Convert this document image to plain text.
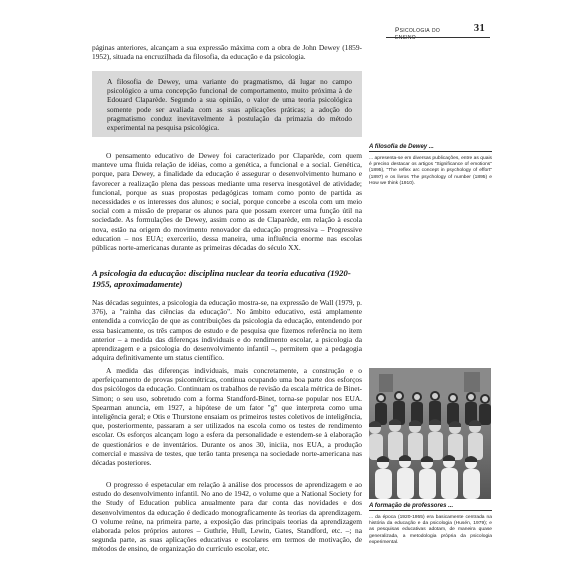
Psicologia do ensino
31

páginas anteriores, alcançam a sua expressão máxima com a obra de John Dewey (1859-1952), situada na encruzilhada da filosofia, da educação e da psicologia.

A filosofia de Dewey, uma variante do pragmatismo, dá lugar no campo psicológico a uma concepção funcional de comportamento, muito próxima à de Edouard Claparède. Segundo a sua opinião, o valor de uma teoria psicológica somente pode ser avaliada com as suas aplicações práticas; a adoção do pragmatismo conduz inevitavelmente à postulação da primazia do método experimental na pesquisa psicológica.

O pensamento educativo de Dewey foi caracterizado por Claparède, com quem manteve uma fluida relação de idéias, como a genética, a funcional e a social. Genética, porque, para Dewey, a finalidade da educação é assegurar o desenvolvimento humano e favorecer a realização plena das pessoas mediante uma reserva inesgotável de atividade; funcional, porque as suas propostas pedagógicas tomam como ponto de partida as necessidades e os interesses dos alunos; e social, porque concebe a escola com um meio social com a missão de preparar os alunos para que possam exercer uma função útil na sociedade. As formulações de Dewey, assim como as de Claparède, em relação à escola nova, estão na origem do movimento renovador da educação progressiva – Progressive education – nos EUA; exerceriio, dessa maneira, uma influência enorme nas escolas públicas norte-americanas durante as primeiras décadas do século XX.

A psicologia da educação: disciplina nuclear da teoria educativa (1920-1955, aproximadamente)

Nas décadas seguintes, a psicologia da educação mostra-se, na expressão de Wall (1979, p. 376), a "rainha das ciências da educação". No âmbito educativo, está amplamente entendida a convicção de que as contribuições da psicologia da educação, entendendo por essa basicamente, os três campos de estudo e de pesquisa que fizemos referência no item anterior – a medida das diferenças individuais e do rendimento escolar, a psicologia da aprendizagem e a psicologia do desenvolvimento infantil –, permitem que a pedagogia adquira definitivamente um status científico.

A medida das diferenças individuais, mais concretamente, a construção e o aperfeiçoamento de provas psicométricas, continua ocupando uma boa parte dos esforços dos psicólogos da educação. Continuam os trabalhos de revisão da escala métrica de Binet-Simon; o seu uso, sobretudo com a forma Standford-Binet, torna-se popular nos EUA. Spearman anuncia, em 1927, a hipótese de um fator "g" que interpreta como uma inteligência geral; e Otis e Thurstone ensaiam os primeiros testes coletivos de inteligência, que, posteriormente, passaram a ser utilizados na escola como os testes de rendimento escolar. Os esforços alcançam logo a esfera da personalidade e estendem-se à elaboração de questionários e de inventários. Durante os anos 30, iniciia, nos EUA, a produção comercial e massiva de testes, que terão tanta presença na sociedade norte-americana nas décadas posteriores.

O progresso é espetacular em relação à análise dos processos de aprendizagem e ao estudo do desenvolvimento infantil. No ano de 1942, o volume que a National Society for the Study of Education publica anualmente para dar conta das novidades e dos desenvolvimentos da educação é dedicado monograficamente às teorias da aprendizagem. O volume reúne, na primeira parte, a exposição das principais teorias da aprendizagem elaborada pelos próprios autores – Guthrie, Hull, Lewin, Gates, Standford, etc. –; na segunda parte, as suas aplicações educativas e escolares em termos de motivação, de métodos de ensino, de organização do currículo escolar, etc.

A filosofia de Dewey ...
... apresenta-se em diversas publicações, entre as quais é preciso destacar os artigos "Significance of emotions" (1895), "The reflex arc concept in psychology of effort" (1897) e os livros The psychology of number (1895) e How we think (1910).
A formação de professores ...
... da época (1920-1955) era basicamente centrada na história da educação e da psicologia (Husén, 1979); e as pesquisas educativas adotam, de maneira quase generalizada, a metodologia própria da psicologia experimental.
